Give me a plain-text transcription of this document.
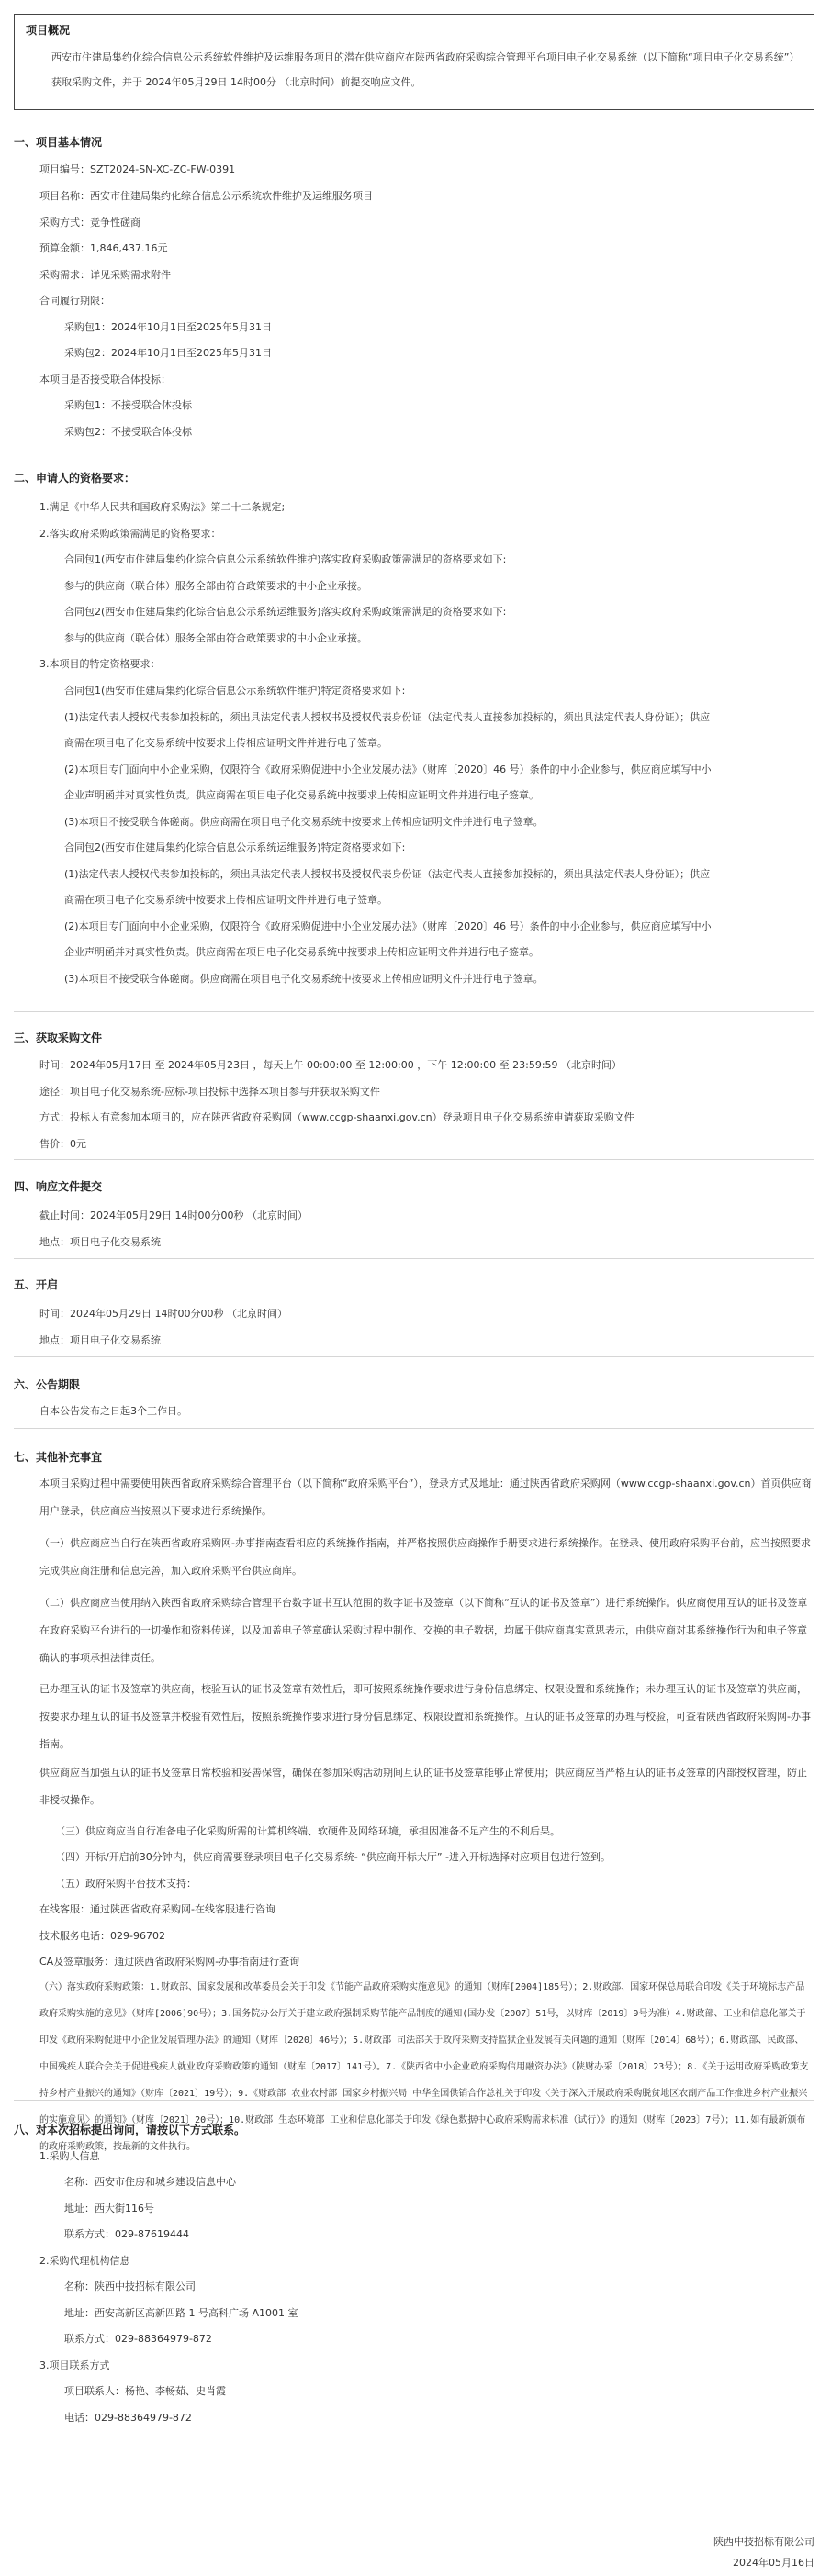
项目概况
西安市住建局集约化综合信息公示系统软件维护及运维服务项目的潜在供应商应在陕西省政府采购综合管理平台项目电子化交易系统（以下简称“项目电子化交易系统”）获取采购文件，并于 2024年05月29日 14时00分 （北京时间）前提交响应文件。
一、项目基本情况
项目编号：SZT2024-SN-XC-ZC-FW-0391
项目名称：西安市住建局集约化综合信息公示系统软件维护及运维服务项目
采购方式：竞争性磋商
预算金额：1,846,437.16元
采购需求：详见采购需求附件
合同履行期限：
采购包1：2024年10月1日至2025年5月31日
采购包2：2024年10月1日至2025年5月31日
本项目是否接受联合体投标：
采购包1：不接受联合体投标
采购包2：不接受联合体投标
二、申请人的资格要求：
1.满足《中华人民共和国政府采购法》第二十二条规定;
2.落实政府采购政策需满足的资格要求：
合同包1(西安市住建局集约化综合信息公示系统软件维护)落实政府采购政策需满足的资格要求如下:
参与的供应商（联合体）服务全部由符合政策要求的中小企业承接。
合同包2(西安市住建局集约化综合信息公示系统运维服务)落实政府采购政策需满足的资格要求如下:
参与的供应商（联合体）服务全部由符合政策要求的中小企业承接。
3.本项目的特定资格要求：
合同包1(西安市住建局集约化综合信息公示系统软件维护)特定资格要求如下:
(1)法定代表人授权代表参加投标的，须出具法定代表人授权书及授权代表身份证（法定代表人直接参加投标的，须出具法定代表人身份证）；供应
商需在项目电子化交易系统中按要求上传相应证明文件并进行电子签章。
(2)本项目专门面向中小企业采购，仅限符合《政府采购促进中小企业发展办法》（财库〔2020〕46 号）条件的中小企业参与，供应商应填写中小
企业声明函并对真实性负责。供应商需在项目电子化交易系统中按要求上传相应证明文件并进行电子签章。
(3)本项目不接受联合体磋商。供应商需在项目电子化交易系统中按要求上传相应证明文件并进行电子签章。
合同包2(西安市住建局集约化综合信息公示系统运维服务)特定资格要求如下:
(1)法定代表人授权代表参加投标的，须出具法定代表人授权书及授权代表身份证（法定代表人直接参加投标的，须出具法定代表人身份证）；供应
商需在项目电子化交易系统中按要求上传相应证明文件并进行电子签章。
(2)本项目专门面向中小企业采购，仅限符合《政府采购促进中小企业发展办法》（财库〔2020〕46 号）条件的中小企业参与，供应商应填写中小
企业声明函并对真实性负责。供应商需在项目电子化交易系统中按要求上传相应证明文件并进行电子签章。
(3)本项目不接受联合体磋商。供应商需在项目电子化交易系统中按要求上传相应证明文件并进行电子签章。
三、获取采购文件
时间：2024年05月17日 至 2024年05月23日 ，每天上午 00:00:00 至 12:00:00 ，下午 12:00:00 至 23:59:59 （北京时间）
途径：项目电子化交易系统-应标-项目投标中选择本项目参与并获取采购文件
方式：投标人有意参加本项目的，应在陕西省政府采购网（www.ccgp-shaanxi.gov.cn）登录项目电子化交易系统申请获取采购文件
售价：0元
四、响应文件提交
截止时间：2024年05月29日 14时00分00秒 （北京时间）
地点：项目电子化交易系统
五、开启
时间：2024年05月29日 14时00分00秒 （北京时间）
地点：项目电子化交易系统
六、公告期限
自本公告发布之日起3个工作日。
七、其他补充事宜
本项目采购过程中需要使用陕西省政府采购综合管理平台（以下简称“政府采购平台”），登录方式及地址：通过陕西省政府采购网（www.ccgp-shaanxi.gov.cn）首页供应商用户登录，供应商应当按照以下要求进行系统操作。
（一）供应商应当自行在陕西省政府采购网-办事指南查看相应的系统操作指南，并严格按照供应商操作手册要求进行系统操作。在登录、使用政府采购平台前，应当按照要求完成供应商注册和信息完善，加入政府采购平台供应商库。
（二）供应商应当使用纳入陕西省政府采购综合管理平台数字证书互认范围的数字证书及签章（以下简称“互认的证书及签章”）进行系统操作。供应商使用互认的证书及签章在政府采购平台进行的一切操作和资料传递，以及加盖电子签章确认采购过程中制作、交换的电子数据，均属于供应商真实意思表示，由供应商对其系统操作行为和电子签章确认的事项承担法律责任。
已办理互认的证书及签章的供应商，校验互认的证书及签章有效性后，即可按照系统操作要求进行身份信息绑定、权限设置和系统操作；未办理互认的证书及签章的供应商，按要求办理互认的证书及签章并校验有效性后，按照系统操作要求进行身份信息绑定、权限设置和系统操作。互认的证书及签章的办理与校验，可查看陕西省政府采购网-办事指南。
供应商应当加强互认的证书及签章日常校验和妥善保管，确保在参加采购活动期间互认的证书及签章能够正常使用；供应商应当严格互认的证书及签章的内部授权管理，防止非授权操作。
（三）供应商应当自行准备电子化采购所需的计算机终端、软硬件及网络环境，承担因准备不足产生的不利后果。
（四）开标/开启前30分钟内，供应商需要登录项目电子化交易系统- “供应商开标大厅” -进入开标选择对应项目包进行签到。
（五）政府采购平台技术支持：
在线客服：通过陕西省政府采购网-在线客服进行咨询
技术服务电话：029-96702
CA及签章服务：通过陕西省政府采购网-办事指南进行查询
（六）落实政府采购政策：1.财政部、国家发展和改革委员会关于印发《节能产品政府采购实施意见》的通知（财库[2004]185号）；2.财政部、国家环保总局联合印发《关于环境标志产品政府采购实施的意见》（财库[2006]90号）；3.国务院办公厅关于建立政府强制采购节能产品制度的通知(国办发〔2007〕51号，以财库〔2019〕9号为准）4.财政部、工业和信息化部关于印发《政府采购促进中小企业发展管理办法》的通知（财库〔2020〕46号）；5.财政部 司法部关于政府采购支持监狱企业发展有关问题的通知（财库〔2014〕68号）；6.财政部、民政部、中国残疾人联合会关于促进残疾人就业政府采购政策的通知（财库〔2017〕141号）。7.《陕西省中小企业政府采购信用融资办法》（陕财办采〔2018〕23号）；8.《关于运用政府采购政策支持乡村产业振兴的通知》（财库〔2021〕19号）；9.《财政部 农业农村部 国家乡村振兴局 中华全国供销合作总社关于印发〈关于深入开展政府采购脱贫地区农副产品工作推进乡村产业振兴的实施意见〉的通知》（财库〔2021〕20号）；10.财政部 生态环境部 工业和信息化部关于印发《绿色数据中心政府采购需求标准（试行）》的通知（财库〔2023〕7号）；11.如有最新颁布的政府采购政策，按最新的文件执行。
八、对本次招标提出询问，请按以下方式联系。
1.采购人信息
名称：西安市住房和城乡建设信息中心
地址：西大街116号
联系方式：029-87619444
2.采购代理机构信息
名称：陕西中技招标有限公司
地址：西安高新区高新四路 1 号高科广场 A1001 室
联系方式：029-88364979-872
3.项目联系方式
项目联系人：杨艳、李畅茹、史肖霞
电话：029-88364979-872
陕西中技招标有限公司
2024年05月16日
